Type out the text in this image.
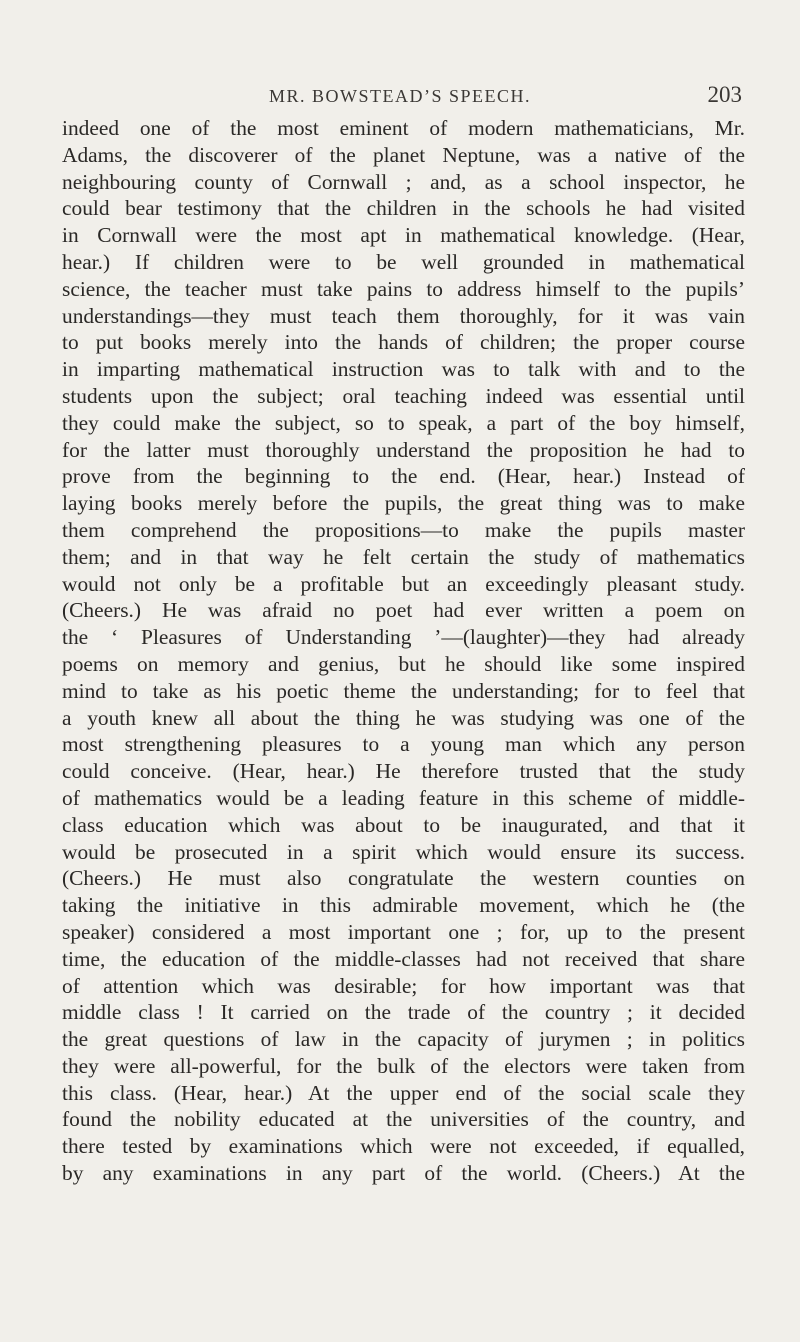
MR. BOWSTEAD’S SPEECH.	203
indeed one of the most eminent of modern mathematicians, Mr.
Adams, the discoverer of the planet Neptune, was a native of the
neighbouring county of Cornwall ; and, as a school inspector, he
could bear testimony that the children in the schools he had visited
in Cornwall were the most apt in mathematical knowledge. (Hear,
hear.) If children were to be well grounded in mathematical
science, the teacher must take pains to address himself to the pupils’
understandings—they must teach them thoroughly, for it was vain
to put books merely into the hands of children; the proper course
in imparting mathematical instruction was to talk with and to the
students upon the subject; oral teaching indeed was essential until
they could make the subject, so to speak, a part of the boy himself,
for the latter must thoroughly understand the proposition he had to
prove from the beginning to the end. (Hear, hear.) Instead of
laying books merely before the pupils, the great thing was to make
them comprehend the propositions—to make the pupils master
them; and in that way he felt certain the study of mathematics
would not only be a profitable but an exceedingly pleasant study.
(Cheers.) He was afraid no poet had ever written a poem on
the ‘ Pleasures of Understanding ’—(laughter)—they had already
poems on memory and genius, but he should like some inspired
mind to take as his poetic theme the understanding; for to feel that
a youth knew all about the thing he was studying was one of the
most strengthening pleasures to a young man which any person
could conceive. (Hear, hear.) He therefore trusted that the study
of mathematics would be a leading feature in this scheme of middle-
class education which was about to be inaugurated, and that it
would be prosecuted in a spirit which would ensure its success.
(Cheers.) He must also congratulate the western counties on
taking the initiative in this admirable movement, which he (the
speaker) considered a most important one ; for, up to the present
time, the education of the middle-classes had not received that share
of attention which was desirable; for how important was that
middle class ! It carried on the trade of the country ; it decided
the great questions of law in the capacity of jurymen ; in politics
they were all-powerful, for the bulk of the electors were taken from
this class. (Hear, hear.) At the upper end of the social scale they
found the nobility educated at the universities of the country, and
there tested by examinations which were not exceeded, if equalled,
by any examinations in any part of the world. (Cheers.) At the
